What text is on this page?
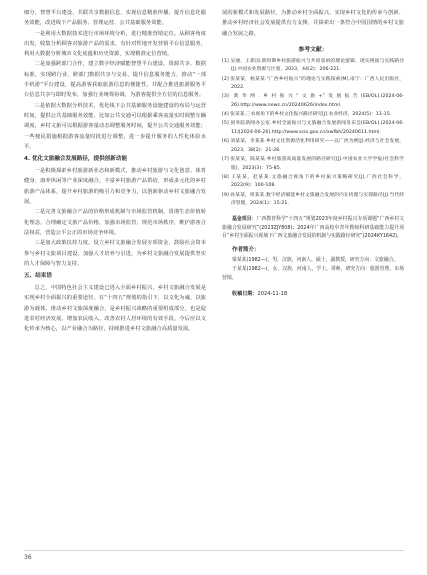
细分，智慧平台建设、共联共享数据信息，实现信息精准传播，提升信息化服务效能，改进线下产品服务、管理运营、公共基础服务效能。

一是利用大数据技术进行市场环境分析，进行精准营销定位。从顾客角度出发，收集分析顾客对旅游产品的需求，有针对性地开发营销平台信息服务，利用大数据分析城市文化底蕴和历史资源，实现精准定位营销。

二是加强跨部门合作，建立数字经济赋能智慧平台建设、资源共享、数据标准，实现跨行业、跨部门数据共享与交易，提升信息服务能力，推动“一部手机游”平台建设，提高游客获取旅游信息的便捷性，并配合推进旅游服务平台信息共享与即时发布，加强行业统筹协调，为游客提供全方位的信息服务。

三是依据大数据分析技术，优化线下公共基础服务设施建设的布局与运营时间，提供公共基础服务效能，比如公共交通可以根据乘客流量实时调整车辆调度，乡村文旅可以根据游客量动态调整服务时间，提升公共交通服务效能；一些便民措施根据游客流量时段进行调整，进一步提升服务的人性化体验水平。

4. 优化文旅融合发展路径，提供创新动能

一是积极探索乡村旅游新业态和新模式，推动乡村旅游与文化创意、体育健身、康养休闲等产业深度融合，丰富乡村旅游产品供给，形成多元化的乡村旅游产品体系，提升乡村旅游的吸引力和竞争力，以创新驱动乡村文旅融合发展。

二是完善文旅融合产品的价格形成机制与市场监管机制，贯彻生态价值转化理念，合理确定文旅产品价格，加强市场监管，规范市场秩序，维护游客合法权益，营造公平公正的市场竞争环境。

三是加大政策扶持力度，设立乡村文旅融合发展专项资金，鼓励社会资本参与乡村文旅项目建设，加强人才培养与引进，为乡村文旅融合发展提供坚实的人才保障与智力支持。

五、结束语

总之，中国特色社会主义建设已进入全面乡村振兴，乡村文旅融合发展是实现乡村全面振兴的重要途径。在“十四五”规划的指引下，以文化为魂、以旅游为载体，推动乡村文旅深度融合，是乡村振兴战略的重要组成部分，也是促进农村经济发展、增加农民收入、改善农村人居环境的有效手段。今后应以文化传承为核心，以产业融合为路径，持续推进乡村文旅融合高质量发展。

展的新模式和发展路径，为推动乡村全面振兴、实现乡村文化的传承与创新、推动乡村经济社会发展提供有力支撑，并探索出一条符合中国国情的乡村文旅融合发展之路。

参考文献：

[1] 吴丽，王新国.新时期乡村旅游振兴与共同富裕的理论逻辑、现实挑战与实践路径[J].中国农业资源与区划，2023，44(2)：206-221.

[2] 张某某，杨某某.“广西乡村振兴”的理论与实践探索[M].南宁：广西人民出版社，2022.

[3] 新华网.乡村振兴“文旅+”发展报告[EB/OL].(2024-06-26).http://www.news.cn/20240626/index.html.

[4] 张某某.三农视角下的乡村文化振兴路径研究[J].农业经济，2024(5)：11-15.

[5] 国务院新闻办公室.乡村全面振兴与文旅融合发展新闻发布会[EB/OL].(2024-06-11)[2024-06-26].http://www.scio.gov.cn/xwfbh/20240611.html.

[6] 刘某某，李某某.乡村文化资源活化利用研究——以广西为例[J].经济与社会发展，2023，38(2)：21-28.

[7] 张某某，陈某某.乡村旅游高质量发展的路径研究[J].中国农业大学学报(社会科学版)，2023(3)：75-85.

[8] 王某某，赵某某.文旅融合视角下的乡村振兴策略研究[J].广西社会科学，2022(9)：100-108.

[9] 孙某某，周某某.数字经济赋能乡村文旅融合发展的内在机理与实现路径[J].当代经济管理，2024(1)：15-21.

基金项目：广西教育科学“十四五”规划2023年度乡村振兴专项课题“广西乡村文旅融合发展研究”(2023ZJY808)；2024年广西高校中青年教师科研基础能力提升项目“乡村全面振兴视域下广西文旅融合发展的机制与实践路径研究”(2024KY1642)。

作者简介：

梁某某(1982—)，男，汉族，河南人，硕士，副教授，研究方向：文旅融合。

于某某(1982—)，女，汉族，河南人，学士，讲师，研究方向：旅游管理、市场营销。

收稿日期：2024-11-18

36
